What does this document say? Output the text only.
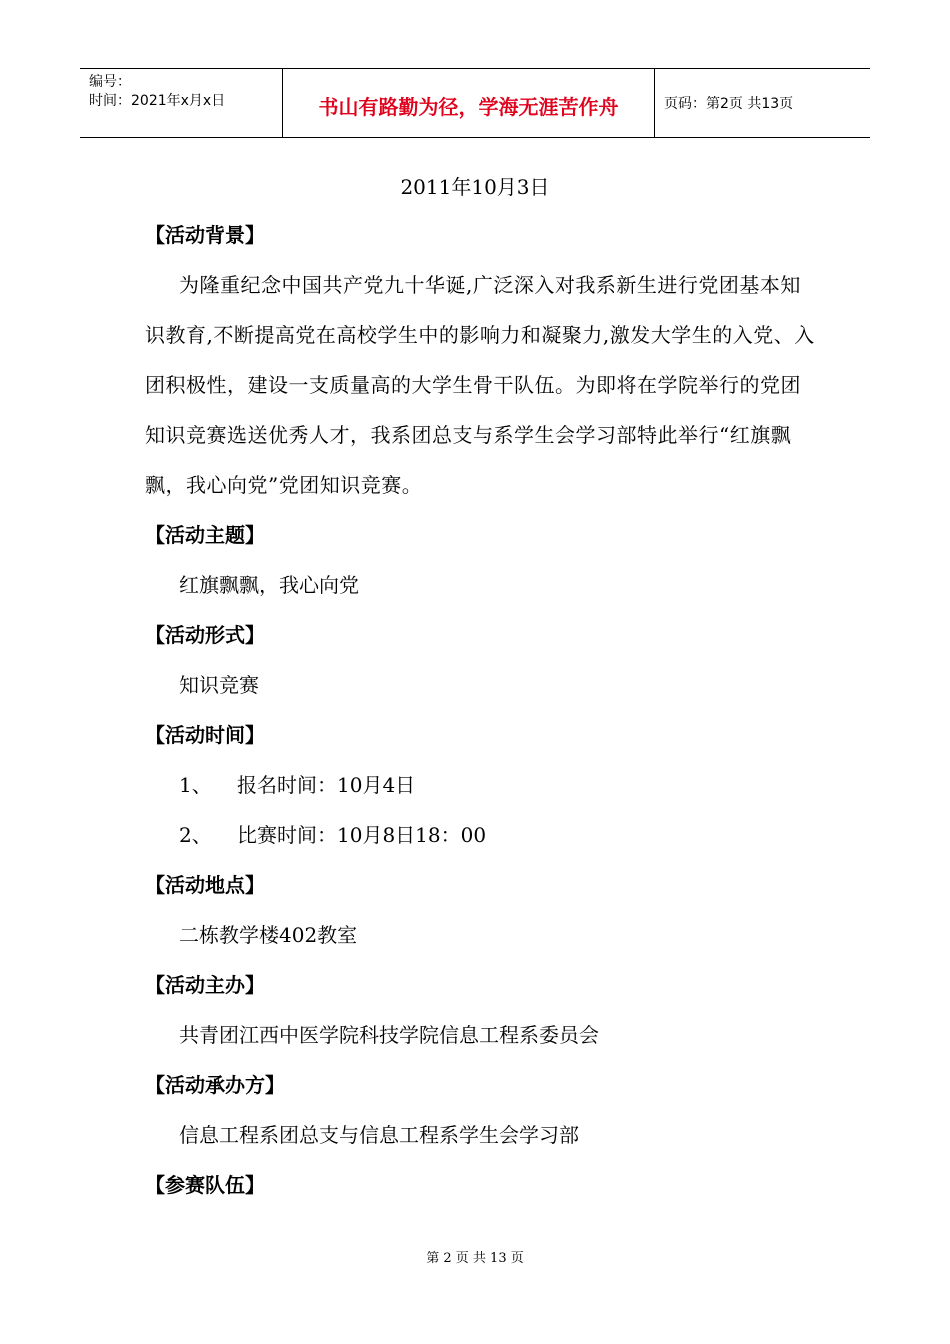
编号：
时间：2021年x月x日	书山有路勤为径，学海无涯苦作舟	页码：第2页 共13页
2011年10月3日
【活动背景】
为隆重纪念中国共产党九十华诞,广泛深入对我系新生进行党团基本知识教育,不断提高党在高校学生中的影响力和凝聚力,激发大学生的入党、入团积极性，建设一支质量高的大学生骨干队伍。为即将在学院举行的党团知识竞赛选送优秀人才，我系团总支与系学生会学习部特此举行“红旗飘飘，我心向党”党团知识竞赛。
【活动主题】
红旗飘飘，我心向党
【活动形式】
知识竞赛
【活动时间】
1、 报名时间：10月4日
2、 比赛时间：10月8日18：00
【活动地点】
二栋教学楼402教室
【活动主办】
共青团江西中医学院科技学院信息工程系委员会
【活动承办方】
信息工程系团总支与信息工程系学生会学习部
【参赛队伍】
第 2 页 共 13 页
